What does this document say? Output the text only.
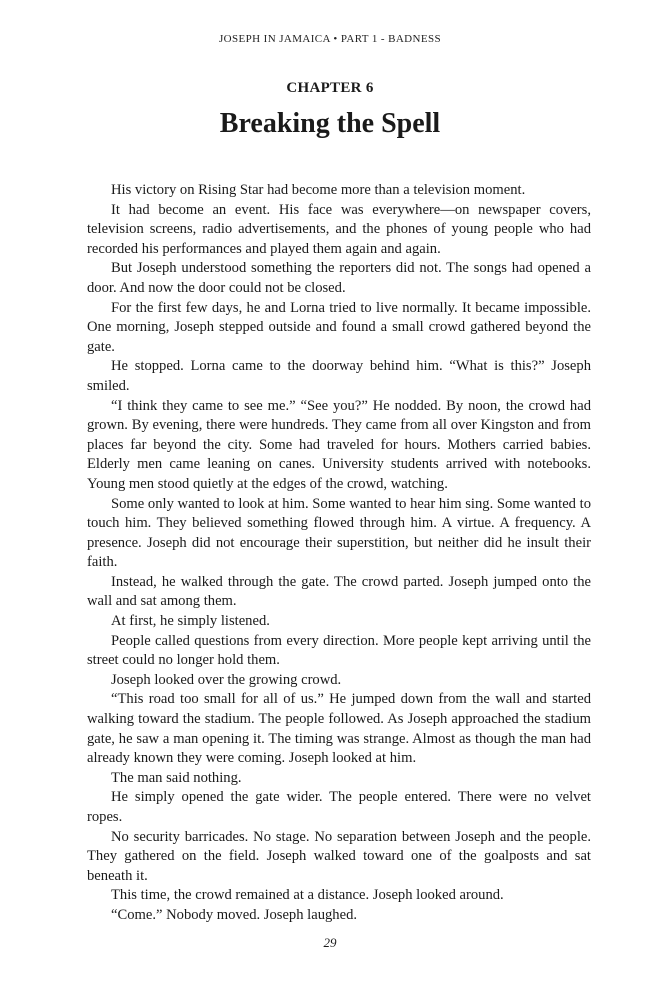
JOSEPH IN JAMAICA • PART 1 - BADNESS
CHAPTER 6
Breaking the Spell

His victory on Rising Star had become more than a television moment.

It had become an event. His face was everywhere—on newspaper covers, television screens, radio advertisements, and the phones of young people who had recorded his performances and played them again and again.

But Joseph understood something the reporters did not. The songs had opened a door. And now the door could not be closed.

For the first few days, he and Lorna tried to live normally. It became impossible. One morning, Joseph stepped outside and found a small crowd gathered beyond the gate.

He stopped. Lorna came to the doorway behind him. “What is this?” Joseph smiled.

“I think they came to see me.” “See you?” He nodded. By noon, the crowd had grown. By evening, there were hundreds. They came from all over Kingston and from places far beyond the city. Some had traveled for hours. Mothers carried babies. Elderly men came leaning on canes. University students arrived with notebooks. Young men stood quietly at the edges of the crowd, watching.

Some only wanted to look at him. Some wanted to hear him sing. Some wanted to touch him. They believed something flowed through him. A virtue. A frequency. A presence. Joseph did not encourage their superstition, but neither did he insult their faith.

Instead, he walked through the gate. The crowd parted. Joseph jumped onto the wall and sat among them.

At first, he simply listened.

People called questions from every direction. More people kept arriving until the street could no longer hold them.

Joseph looked over the growing crowd.

“This road too small for all of us.” He jumped down from the wall and started walking toward the stadium. The people followed. As Joseph approached the stadium gate, he saw a man opening it. The timing was strange. Almost as though the man had already known they were coming. Joseph looked at him.

The man said nothing.

He simply opened the gate wider. The people entered. There were no velvet ropes.

No security barricades. No stage. No separation between Joseph and the people. They gathered on the field. Joseph walked toward one of the goalposts and sat beneath it.

This time, the crowd remained at a distance. Joseph looked around.

“Come.” Nobody moved. Joseph laughed.

29
